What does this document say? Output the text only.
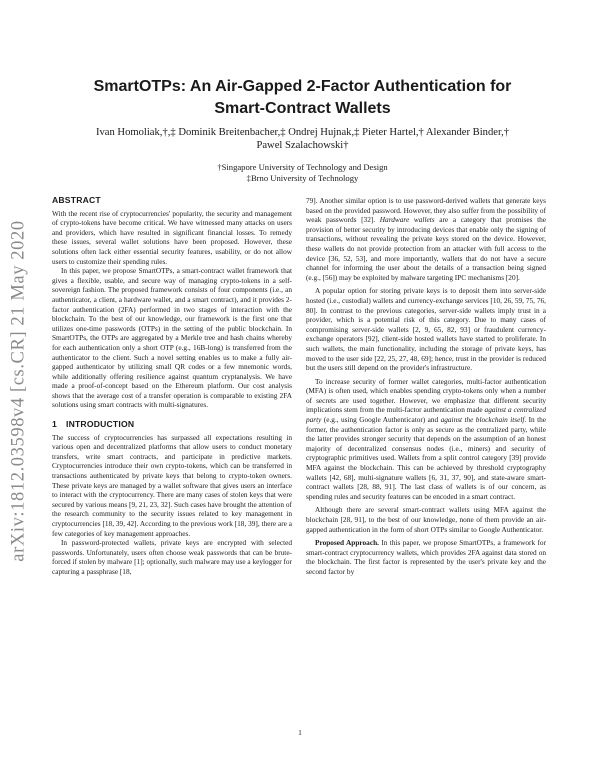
arXiv:1812.03598v4 [cs.CR] 21 May 2020
SmartOTPs: An Air-Gapped 2-Factor Authentication for
Smart-Contract Wallets
Ivan Homoliak,†,‡ Dominik Breitenbacher,‡ Ondrej Hujnak,‡ Pieter Hartel,† Alexander Binder,†
Pawel Szalachowski†
†Singapore University of Technology and Design
‡Brno University of Technology
ABSTRACT

With the recent rise of cryptocurrencies' popularity, the security and management of crypto-tokens have become critical. We have witnessed many attacks on users and providers, which have resulted in significant financial losses. To remedy these issues, several wallet solutions have been proposed. However, these solutions often lack either essential security features, usability, or do not allow users to customize their spending rules.

In this paper, we propose SmartOTPs, a smart-contract wallet framework that gives a flexible, usable, and secure way of managing crypto-tokens in a self-sovereign fashion. The proposed framework consists of four components (i.e., an authenticator, a client, a hardware wallet, and a smart contract), and it provides 2-factor authentication (2FA) performed in two stages of interaction with the blockchain. To the best of our knowledge, our framework is the first one that utilizes one-time passwords (OTPs) in the setting of the public blockchain. In SmartOTPs, the OTPs are aggregated by a Merkle tree and hash chains whereby for each authentication only a short OTP (e.g., 16B-long) is transferred from the authenticator to the client. Such a novel setting enables us to make a fully air-gapped authenticator by utilizing small QR codes or a few mnemonic words, while additionally offering resilience against quantum cryptanalysis. We have made a proof-of-concept based on the Ethereum platform. Our cost analysis shows that the average cost of a transfer operation is comparable to existing 2FA solutions using smart contracts with multi-signatures.

1 INTRODUCTION

The success of cryptocurrencies has surpassed all expectations resulting in various open and decentralized platforms that allow users to conduct monetary transfers, write smart contracts, and participate in predictive markets. Cryptocurrencies introduce their own crypto-tokens, which can be transferred in transactions authenticated by private keys that belong to crypto-token owners. These private keys are managed by a wallet software that gives users an interface to interact with the cryptocurrency. There are many cases of stolen keys that were secured by various means [9, 21, 23, 32]. Such cases have brought the attention of the research community to the security issues related to key management in cryptocurrencies [18, 39, 42]. According to the previous work [18, 39], there are a few categories of key management approaches.

In password-protected wallets, private keys are encrypted with selected passwords. Unfortunately, users often choose weak passwords that can be brute-forced if stolen by malware [1]; optionally, such malware may use a keylogger for capturing a passphrase [18,

79]. Another similar option is to use password-derived wallets that generate keys based on the provided password. However, they also suffer from the possibility of weak passwords [32]. Hardware wallets are a category that promises the provision of better security by introducing devices that enable only the signing of transactions, without revealing the private keys stored on the device. However, these wallets do not provide protection from an attacker with full access to the device [36, 52, 53], and more importantly, wallets that do not have a secure channel for informing the user about the details of a transaction being signed (e.g., [56]) may be exploited by malware targeting IPC mechanisms [20].

A popular option for storing private keys is to deposit them into server-side hosted (i.e., custodial) wallets and currency-exchange services [10, 26, 59, 75, 76, 80]. In contrast to the previous categories, server-side wallets imply trust in a provider, which is a potential risk of this category. Due to many cases of compromising server-side wallets [2, 9, 65, 82, 93] or fraudulent currency-exchange operators [92], client-side hosted wallets have started to proliferate. In such wallets, the main functionality, including the storage of private keys, has moved to the user side [22, 25, 27, 48, 69]; hence, trust in the provider is reduced but the users still depend on the provider's infrastructure.

To increase security of former wallet categories, multi-factor authentication (MFA) is often used, which enables spending crypto-tokens only when a number of secrets are used together. However, we emphasize that different security implications stem from the multi-factor authentication made against a centralized party (e.g., using Google Authenticator) and against the blockchain itself. In the former, the authentication factor is only as secure as the centralized party, while the latter provides stronger security that depends on the assumption of an honest majority of decentralized consensus nodes (i.e., miners) and security of cryptographic primitives used. Wallets from a split control category [39] provide MFA against the blockchain. This can be achieved by threshold cryptography wallets [42, 68], multi-signature wallets [6, 31, 37, 90], and state-aware smart-contract wallets [28, 88, 91]. The last class of wallets is of our concern, as spending rules and security features can be encoded in a smart contract.

Although there are several smart-contract wallets using MFA against the blockchain [28, 91], to the best of our knowledge, none of them provide an air-gapped authentication in the form of short OTPs similar to Google Authenticator.

Proposed Approach. In this paper, we propose SmartOTPs, a framework for smart-contract cryptocurrency wallets, which provides 2FA against data stored on the blockchain. The first factor is represented by the user's private key and the second factor by

1
